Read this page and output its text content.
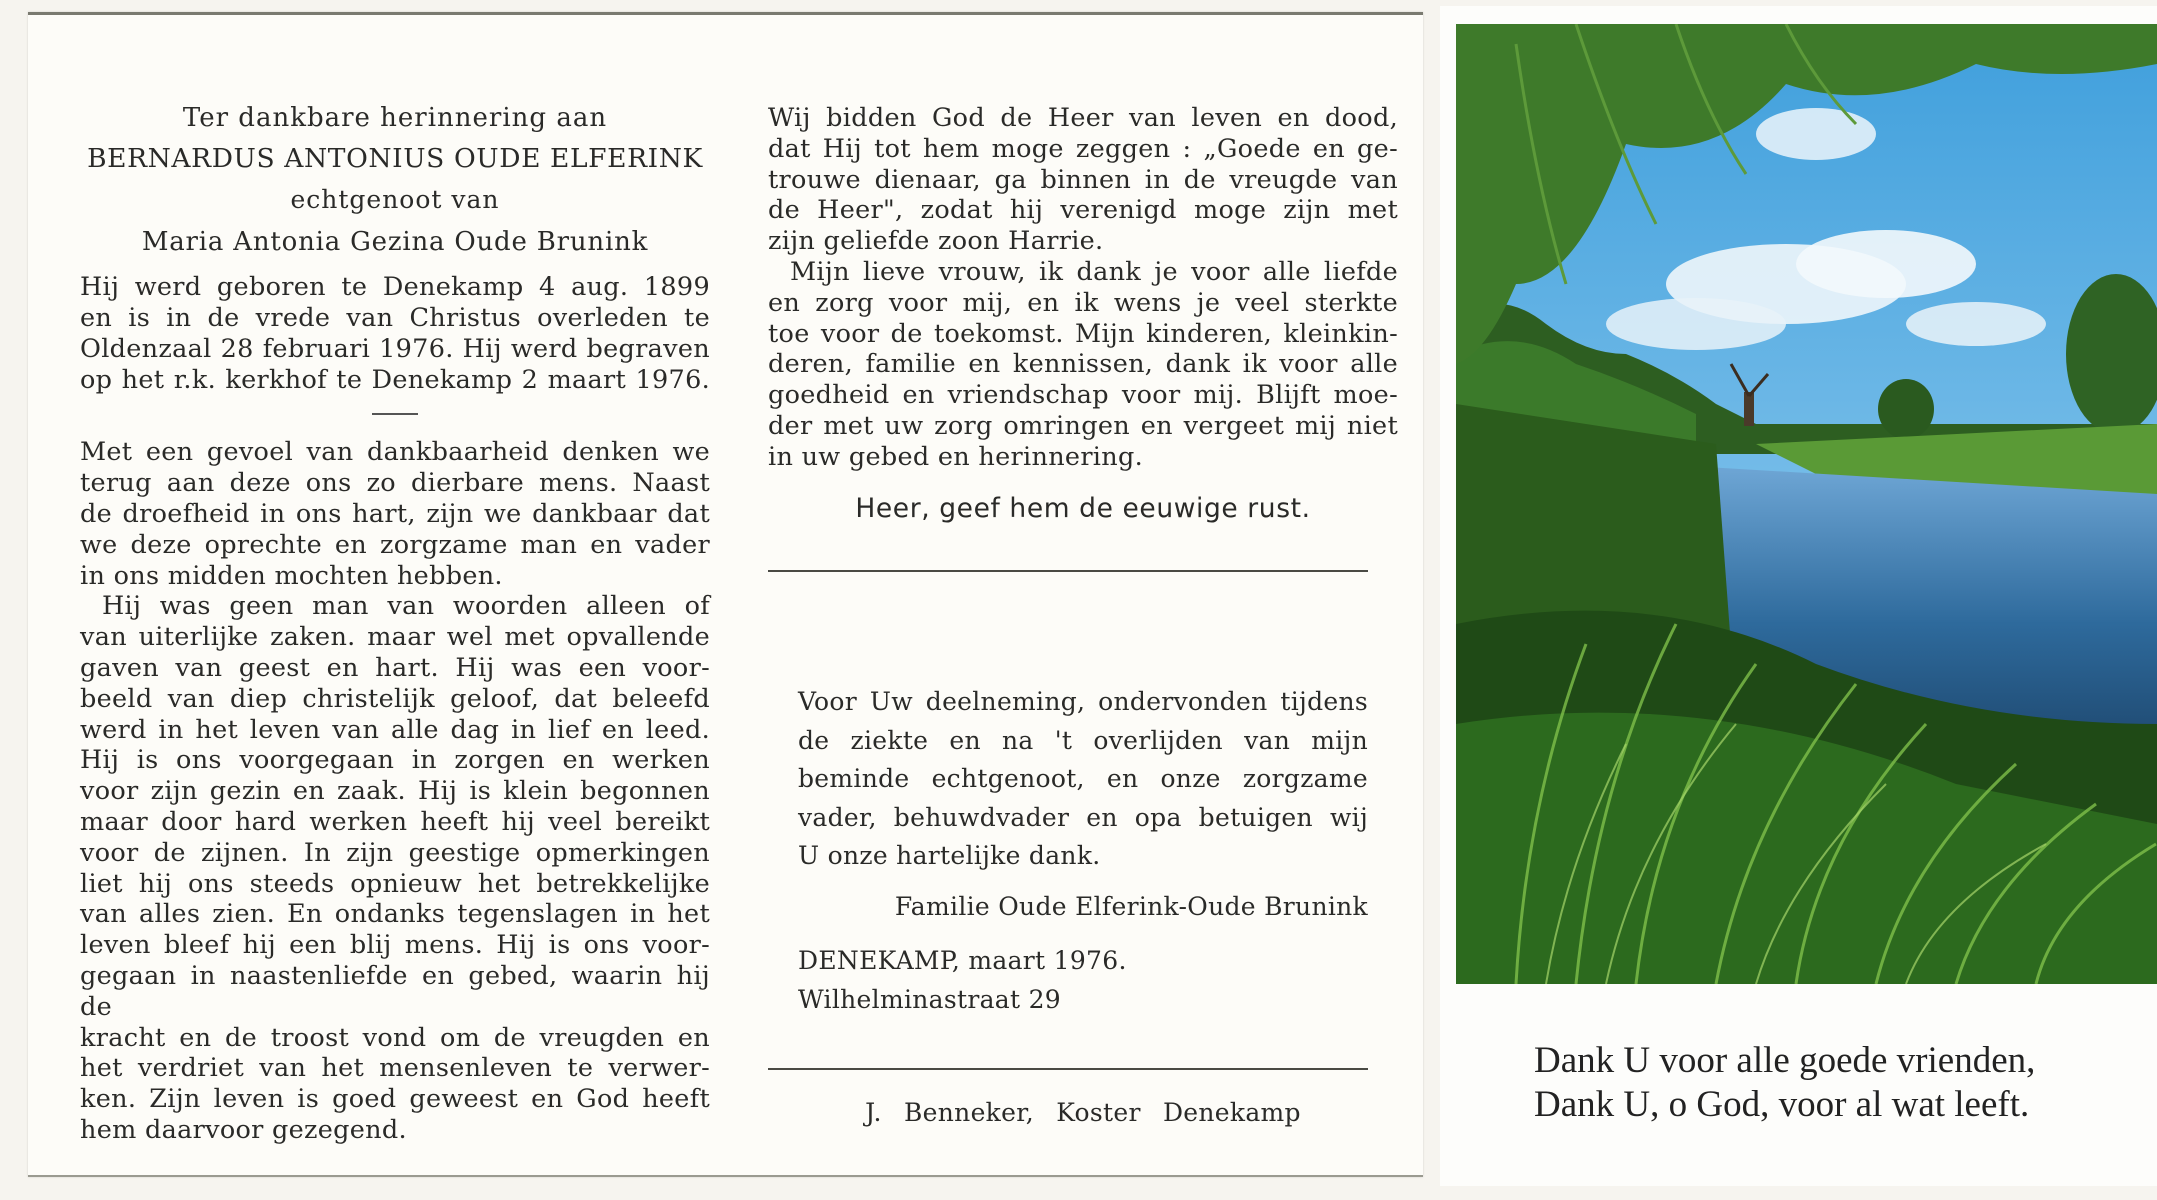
Ter dankbare herinnering aan
BERNARDUS ANTONIUS OUDE ELFERINK
echtgenoot van
Maria Antonia Gezina Oude Brunink
Hij werd geboren te Denekamp 4 aug. 1899
en is in de vrede van Christus overleden te
Oldenzaal 28 februari 1976. Hij werd begraven
op het r.k. kerkhof te Denekamp 2 maart 1976.
Met een gevoel van dankbaarheid denken we
terug aan deze ons zo dierbare mens. Naast
de droefheid in ons hart, zijn we dankbaar dat
we deze oprechte en zorgzame man en vader
in ons midden mochten hebben.
Hij was geen man van woorden alleen of
van uiterlijke zaken. maar wel met opvallende
gaven van geest en hart. Hij was een voor-
beeld van diep christelijk geloof, dat beleefd
werd in het leven van alle dag in lief en leed.
Hij is ons voorgegaan in zorgen en werken
voor zijn gezin en zaak. Hij is klein begonnen
maar door hard werken heeft hij veel bereikt
voor de zijnen. In zijn geestige opmerkingen
liet hij ons steeds opnieuw het betrekkelijke
van alles zien. En ondanks tegenslagen in het
leven bleef hij een blij mens. Hij is ons voor-
gegaan in naastenliefde en gebed, waarin hij de
kracht en de troost vond om de vreugden en
het verdriet van het mensenleven te verwer-
ken. Zijn leven is goed geweest en God heeft
hem daarvoor gezegend.
Wij bidden God de Heer van leven en dood,
dat Hij tot hem moge zeggen : „Goede en ge-
trouwe dienaar, ga binnen in de vreugde van
de Heer", zodat hij verenigd moge zijn met
zijn geliefde zoon Harrie.
Mijn lieve vrouw, ik dank je voor alle liefde
en zorg voor mij, en ik wens je veel sterkte
toe voor de toekomst. Mijn kinderen, kleinkin-
deren, familie en kennissen, dank ik voor alle
goedheid en vriendschap voor mij. Blijft moe-
der met uw zorg omringen en vergeet mij niet
in uw gebed en herinnering.
Heer, geef hem de eeuwige rust.
Voor Uw deelneming, ondervonden tijdens
de ziekte en na 't overlijden van mijn
beminde echtgenoot, en onze zorgzame
vader, behuwdvader en opa betuigen wij
U onze hartelijke dank.
Familie Oude Elferink-Oude Brunink
DENEKAMP, maart 1976.
Wilhelminastraat 29
J. Benneker, Koster Denekamp
Dank U voor alle goede vrienden,
Dank U, o God, voor al wat leeft.
